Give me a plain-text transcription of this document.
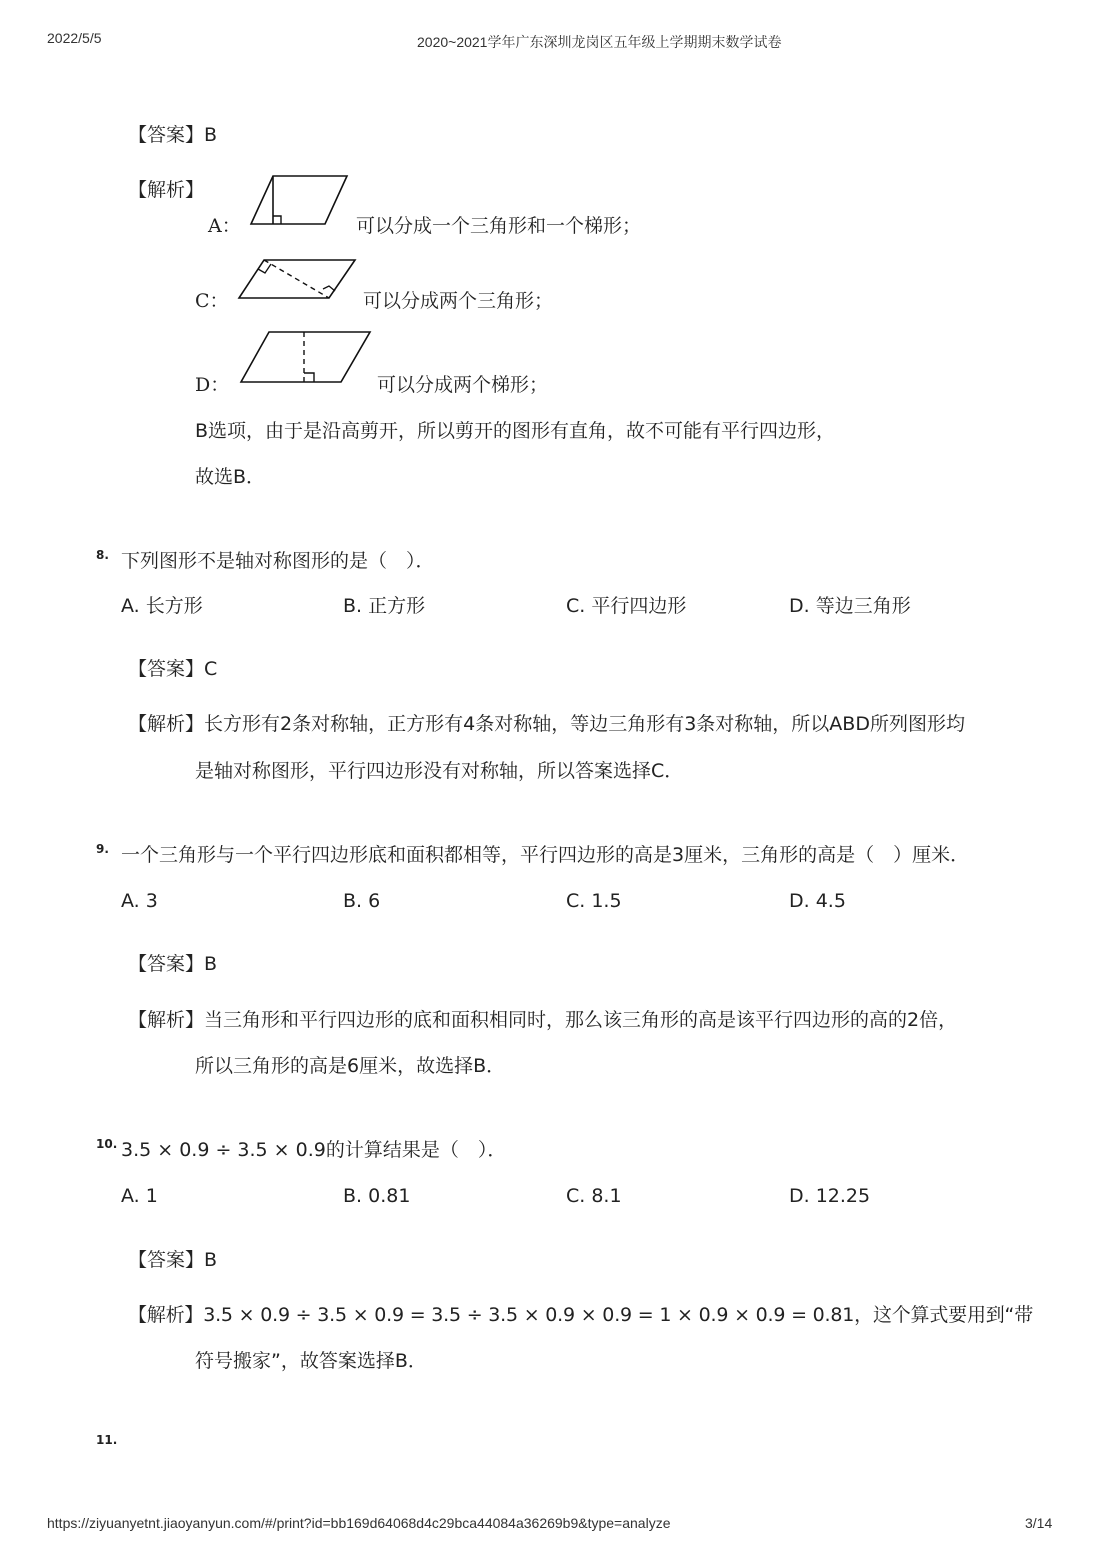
2022/5/5	2020~2021学年广东深圳龙岗区五年级上学期期末数学试卷
【答案】B
【解析】
A：	可以分成一个三角形和一个梯形；
C：	可以分成两个三角形；
D：	可以分成两个梯形；
B选项，由于是沿高剪开，所以剪开的图形有直角，故不可能有平行四边形，
故选B．
8. 下列图形不是轴对称图形的是（　）．
A. 长方形	B. 正方形	C. 平行四边形	D. 等边三角形
【答案】C
【解析】长方形有2条对称轴，正方形有4条对称轴，等边三角形有3条对称轴，所以ABD所列图形均
是轴对称图形，平行四边形没有对称轴，所以答案选择C．
9. 一个三角形与一个平行四边形底和面积都相等，平行四边形的高是3厘米，三角形的高是（　）厘米．
A. 3	B. 6	C. 1.5	D. 4.5
【答案】B
【解析】当三角形和平行四边形的底和面积相同时，那么该三角形的高是该平行四边形的高的2倍，
所以三角形的高是6厘米，故选择B．
10. 3.5 × 0.9 ÷ 3.5 × 0.9的计算结果是（　）．
A. 1	B. 0.81	C. 8.1	D. 12.25
【答案】B
【解析】3.5 × 0.9 ÷ 3.5 × 0.9 = 3.5 ÷ 3.5 × 0.9 × 0.9 = 1 × 0.9 × 0.9 = 0.81，这个算式要用到“带
符号搬家”，故答案选择B．
11.
https://ziyuanyetnt.jiaoyanyun.com/#/print?id=bb169d64068d4c29bca44084a36269b9&type=analyze	3/14
